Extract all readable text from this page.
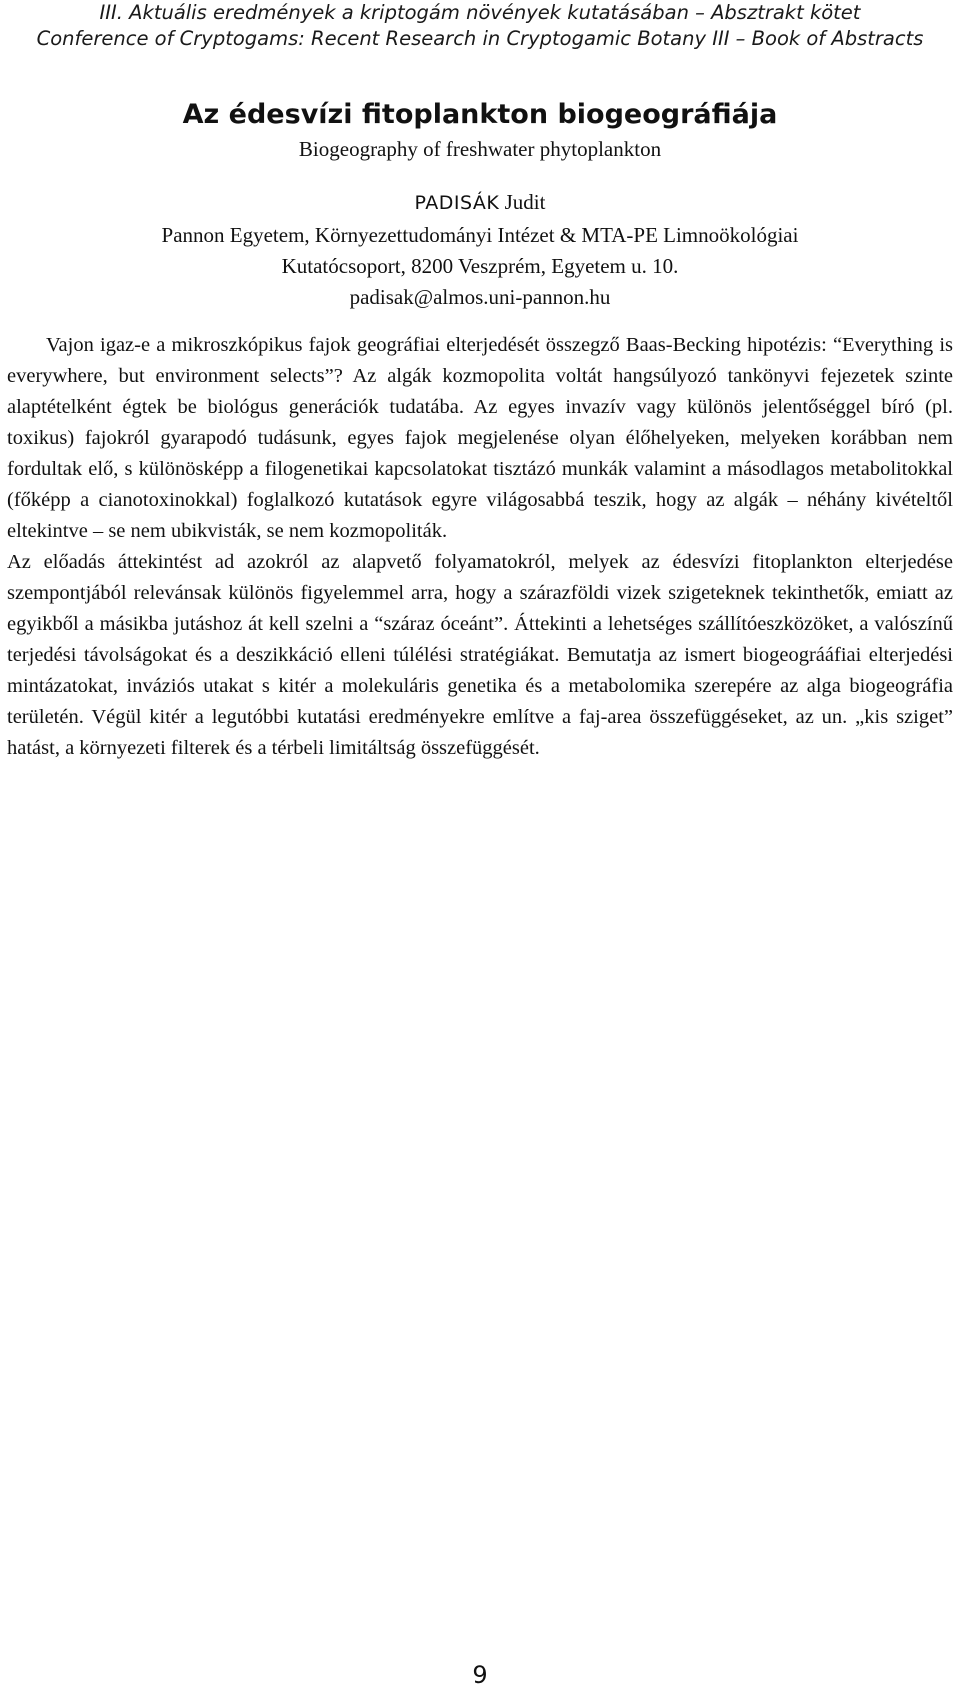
III. Aktuális eredmények a kriptogám növények kutatásában – Absztrakt kötet
Conference of Cryptogams: Recent Research in Cryptogamic Botany III – Book of Abstracts
Az édesvízi fitoplankton biogeográfiája

Biogeography of freshwater phytoplankton

PADISÁK Judit
Pannon Egyetem, Környezettudományi Intézet & MTA-PE Limnoökológiai
Kutatócsoport, 8200 Veszprém, Egyetem u. 10.
padisak@almos.uni-pannon.hu

Vajon igaz-e a mikroszkópikus fajok geográfiai elterjedését összegző Baas-Becking hipotézis: “Everything is everywhere, but environment selects”? Az algák kozmopolita voltát hangsúlyozó tankönyvi fejezetek szinte alaptételként égtek be biológus generációk tudatába. Az egyes invazív vagy különös jelentőséggel bíró (pl. toxikus) fajokról gyarapodó tudásunk, egyes fajok megjelenése olyan élőhelyeken, melyeken korábban nem fordultak elő, s különösképp a filogenetikai kapcsolatokat tisztázó munkák valamint a másodlagos metabolitokkal (főképp a cianotoxinokkal) foglalkozó kutatások egyre világosabbá teszik, hogy az algák – néhány kivételtől eltekintve – se nem ubikvisták, se nem kozmopoliták.

Az előadás áttekintést ad azokról az alapvető folyamatokról, melyek az édesvízi fitoplankton elterjedése szempontjából relevánsak különös figyelemmel arra, hogy a szárazföldi vizek szigeteknek tekinthetők, emiatt az egyikből a másikba jutáshoz át kell szelni a “száraz óceánt”. Áttekinti a lehetséges szállítóeszközöket, a valószínű terjedési távolságokat és a deszikkáció elleni túlélési stratégiákat. Bemutatja az ismert biogeográáfiai elterjedési mintázatokat, inváziós utakat s kitér a molekuláris genetika és a metabolomika szerepére az alga biogeográfia területén. Végül kitér a legutóbbi kutatási eredményekre említve a faj-area összefüggéseket, az un. „kis sziget” hatást, a környezeti filterek és a térbeli limitáltság összefüggését.

9
